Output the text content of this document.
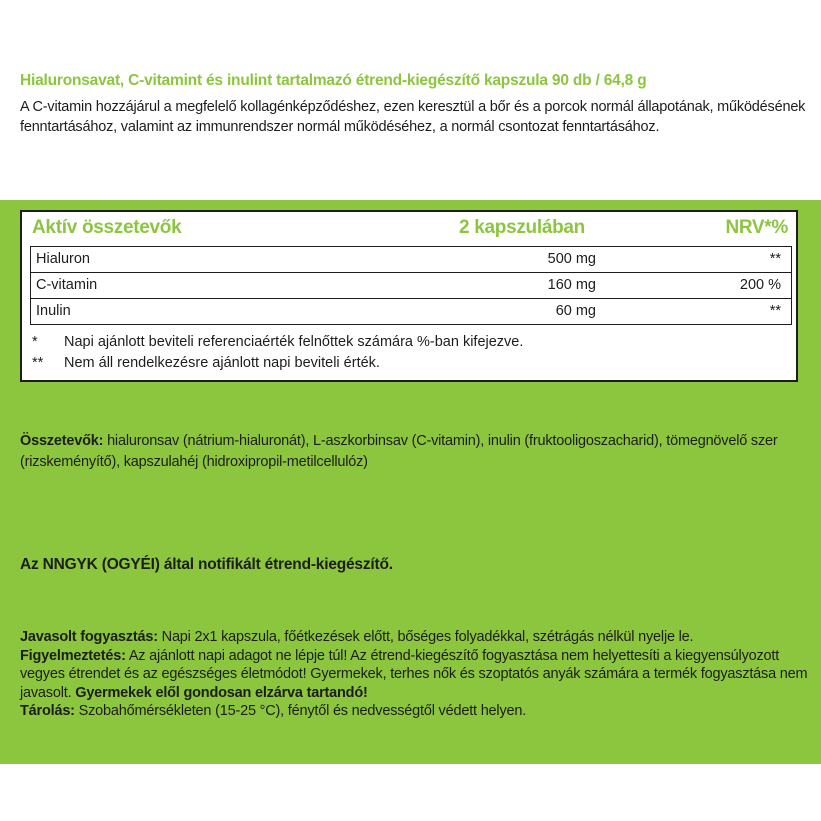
Hialuronsavat, C-vitamint és inulint tartalmazó étrend-kiegészítő kapszula 90 db / 64,8 g

A C-vitamin hozzájárul a megfelelő kollagénképződéshez, ezen keresztül a bőr és a porcok normál állapotának, működésének fenntartásához, valamint az immunrendszer normál működéséhez, a normál csontozat fenntartásához.

Aktív összetevők	2 kapszulában	NRV*%
Hialuron	500 mg	**
C-vitamin	160 mg	200 %
Inulin	60 mg	**
* Napi ajánlott beviteli referenciaérték felnőttek számára %-ban kifejezve.
** Nem áll rendelkezésre ajánlott napi beviteli érték.

Összetevők: hialuronsav (nátrium-hialuronát), L-aszkorbinsav (C-vitamin), inulin (fruktooligoszacharid), tömegnövelő szer (rizskeményítő), kapszulahéj (hidroxipropil-metilcellulóz)

Az NNGYK (OGYÉI) által notifikált étrend-kiegészítő.

Javasolt fogyasztás: Napi 2x1 kapszula, főétkezések előtt, bőséges folyadékkal, szétrágás nélkül nyelje le.

Figyelmeztetés: Az ajánlott napi adagot ne lépje túl! Az étrend-kiegészítő fogyasztása nem helyettesíti a kiegyensúlyozott vegyes étrendet és az egészséges életmódot! Gyermekek, terhes nők és szoptatós anyák számára a termék fogyasztása nem javasolt. Gyermekek elől gondosan elzárva tartandó!

Tárolás: Szobahőmérsékleten (15-25 °C), fénytől és nedvességtől védett helyen.
